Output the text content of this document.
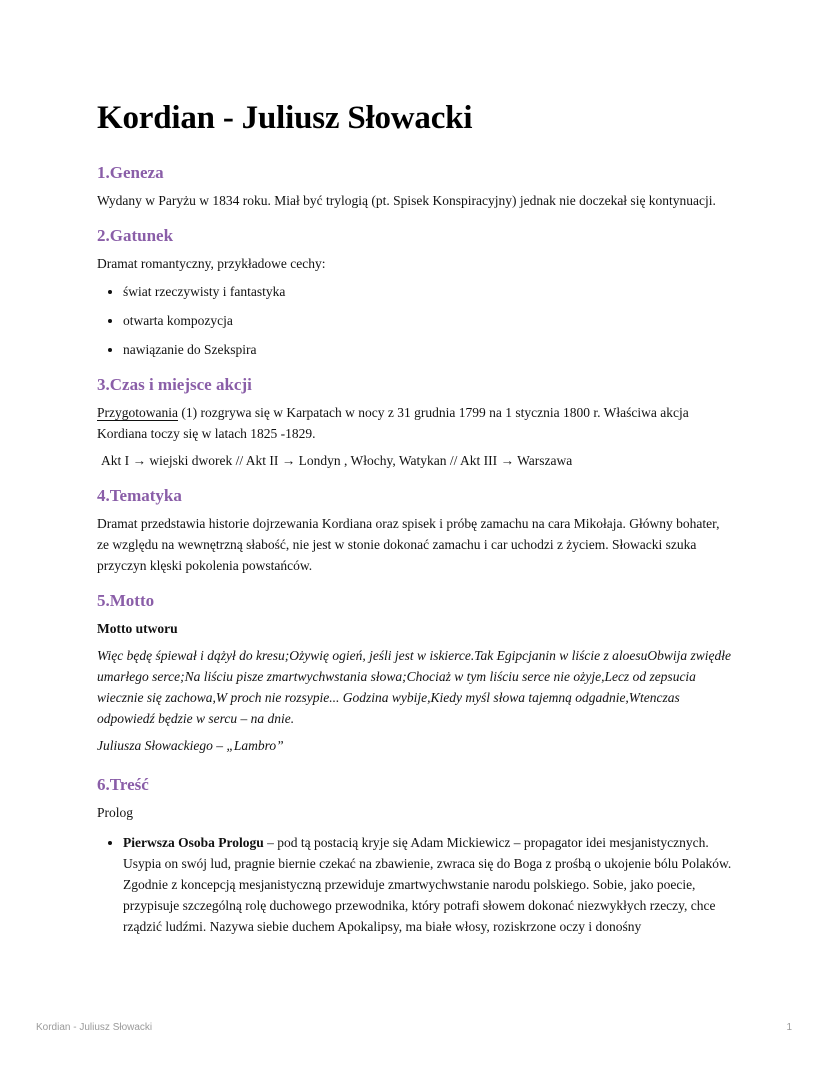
Kordian - Juliusz Słowacki
1.Geneza

Wydany w Paryżu w 1834 roku. Miał być trylogią (pt. Spisek Konspiracyjny) jednak nie doczekał się kontynuacji.

2.Gatunek

Dramat romantyczny, przykładowe cechy:

• świat rzeczywisty i fantastyka
• otwarta kompozycja
• nawiązanie do Szekspira
3.Czas i miejsce akcji

Przygotowania (1) rozgrywa się w Karpatach w nocy z 31 grudnia 1799 na 1 stycznia 1800 r. Właściwa akcja Kordiana toczy się w latach 1825 -1829.

Akt I → wiejski dworek // Akt II → Londyn , Włochy, Watykan // Akt III → Warszawa

4.Tematyka

Dramat przedstawia historie dojrzewania Kordiana oraz spisek i próbę zamachu na cara Mikołaja. Główny bohater, ze względu na wewnętrzną słabość, nie jest w stonie dokonać zamachu i car uchodzi z życiem. Słowacki szuka przyczyn klęski pokolenia powstańców.

5.Motto

Motto utworu

Więc będę śpiewał i dążył do kresu;Ożywię ogień, jeśli jest w iskierce.Tak Egipcjanin w liście z aloesuObwija zwiędłe umarłego serce;Na liściu pisze zmartwychwstania słowa;Chociaż w tym liściu serce nie ożyje,Lecz od zepsucia wiecznie się zachowa,W proch nie rozsypie... Godzina wybije,Kiedy myśl słowa tajemną odgadnie,Wtenczas odpowiedź będzie w sercu – na dnie.

Juliusza Słowackiego – „Lambro”

6.Treść

Prolog

• Pierwsza Osoba Prologu – pod tą postacią kryje się Adam Mickiewicz – propagator idei mesjanistycznych. Usypia on swój lud, pragnie biernie czekać na zbawienie, zwraca się do Boga z prośbą o ukojenie bólu Polaków. Zgodnie z koncepcją mesjanistyczną przewiduje zmartwychwstanie narodu polskiego. Sobie, jako poecie, przypisuje szczególną rolę duchowego przewodnika, który potrafi słowem dokonać niezwykłych rzeczy, chce rządzić ludźmi. Nazywa siebie duchem Apokalipsy, ma białe włosy, roziskrzone oczy i donośny
Kordian - Juliusz Słowacki	1
